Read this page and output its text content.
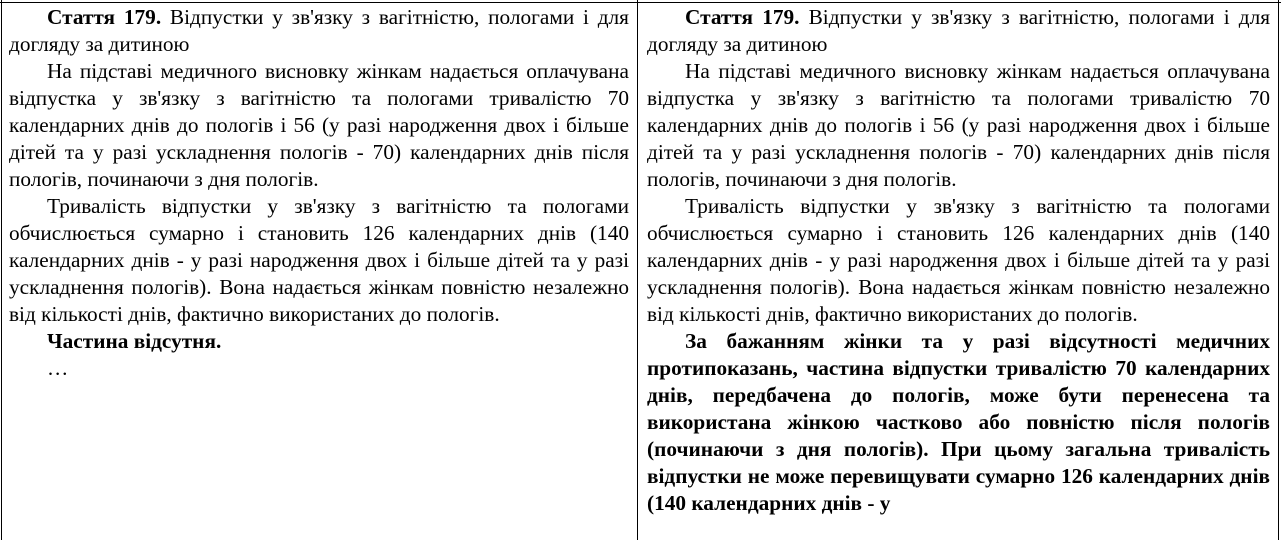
Стаття 179. Відпустки у зв'язку з вагітністю, пологами і для догляду за дитиною

На підставі медичного висновку жінкам надається оплачувана відпустка у зв'язку з вагітністю та пологами тривалістю 70 календарних днів до пологів і 56 (у разі народження двох і більше дітей та у разі ускладнення пологів - 70) календарних днів після пологів, починаючи з дня пологів.

Тривалість відпустки у зв'язку з вагітністю та пологами обчислюється сумарно і становить 126 календарних днів (140 календарних днів - у разі народження двох і більше дітей та у разі ускладнення пологів). Вона надається жінкам повністю незалежно від кількості днів, фактично використаних до пологів.

Частина відсутня.

…

Стаття 179. Відпустки у зв'язку з вагітністю, пологами і для догляду за дитиною

На підставі медичного висновку жінкам надається оплачувана відпустка у зв'язку з вагітністю та пологами тривалістю 70 календарних днів до пологів і 56 (у разі народження двох і більше дітей та у разі ускладнення пологів - 70) календарних днів після пологів, починаючи з дня пологів.

Тривалість відпустки у зв'язку з вагітністю та пологами обчислюється сумарно і становить 126 календарних днів (140 календарних днів - у разі народження двох і більше дітей та у разі ускладнення пологів). Вона надається жінкам повністю незалежно від кількості днів, фактично використаних до пологів.

За бажанням жінки та у разі відсутності медичних протипоказань, частина відпустки тривалістю 70 календарних днів, передбачена до пологів, може бути перенесена та використана жінкою частково або повністю після пологів (починаючи з дня пологів). При цьому загальна тривалість відпустки не може перевищувати сумарно 126 календарних днів (140 календарних днів - у
